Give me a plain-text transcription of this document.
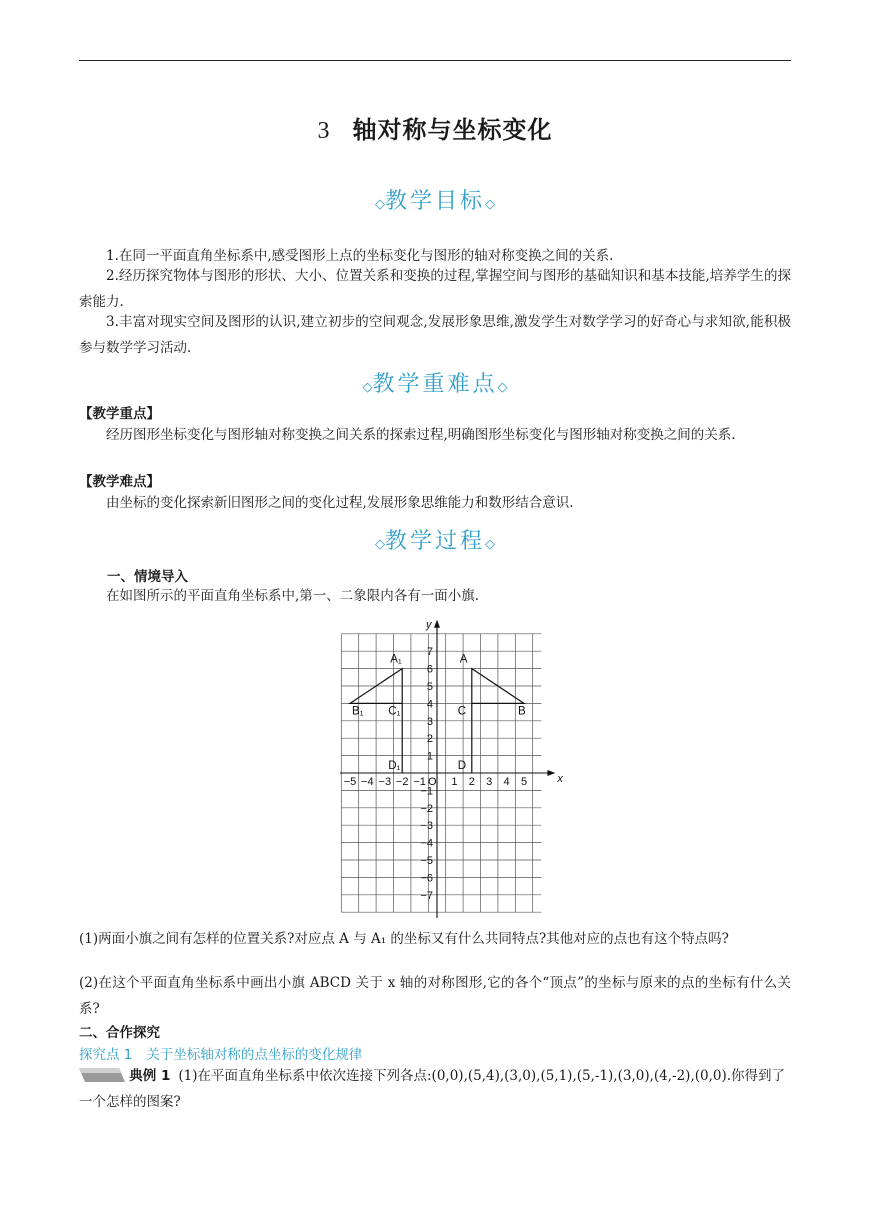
3 轴对称与坐标变化
◇教学目标◇
1.在同一平面直角坐标系中,感受图形上点的坐标变化与图形的轴对称变换之间的关系.
2.经历探究物体与图形的形状、大小、位置关系和变换的过程,掌握空间与图形的基础知识和基本技能,培养学生的探索能力.
3.丰富对现实空间及图形的认识,建立初步的空间观念,发展形象思维,激发学生对数学学习的好奇心与求知欲,能积极参与数学学习活动.
◇教学重难点◇
【教学重点】
经历图形坐标变化与图形轴对称变换之间关系的探索过程,明确图形坐标变化与图形轴对称变换之间的关系.
【教学难点】
由坐标的变化探索新旧图形之间的变化过程,发展形象思维能力和数形结合意识.
◇教学过程◇
一、情境导入
在如图所示的平面直角坐标系中,第一、二象限内各有一面小旗.
x
y
O
−5 −4 −3 −2 −1 1 2 3 4 5
7
6
5
4
3
2
1
−1
−2
−3
−4
−5
−6
−7
A
B
C
D
A₁
B₁ C₁
D₁
(1)两面小旗之间有怎样的位置关系?对应点 A 与 A₁ 的坐标又有什么共同特点?其他对应的点也有这个特点吗?
(2)在这个平面直角坐标系中画出小旗 ABCD 关于 x 轴的对称图形,它的各个“顶点”的坐标与原来的点的坐标有什么关系?
二、合作探究
探究点 1 关于坐标轴对称的点坐标的变化规律
典例 1 (1)在平面直角坐标系中依次连接下列各点:(0,0),(5,4),(3,0),(5,1),(5,-1),(3,0),(4,-2),(0,0).你得到了一个怎样的图案?
